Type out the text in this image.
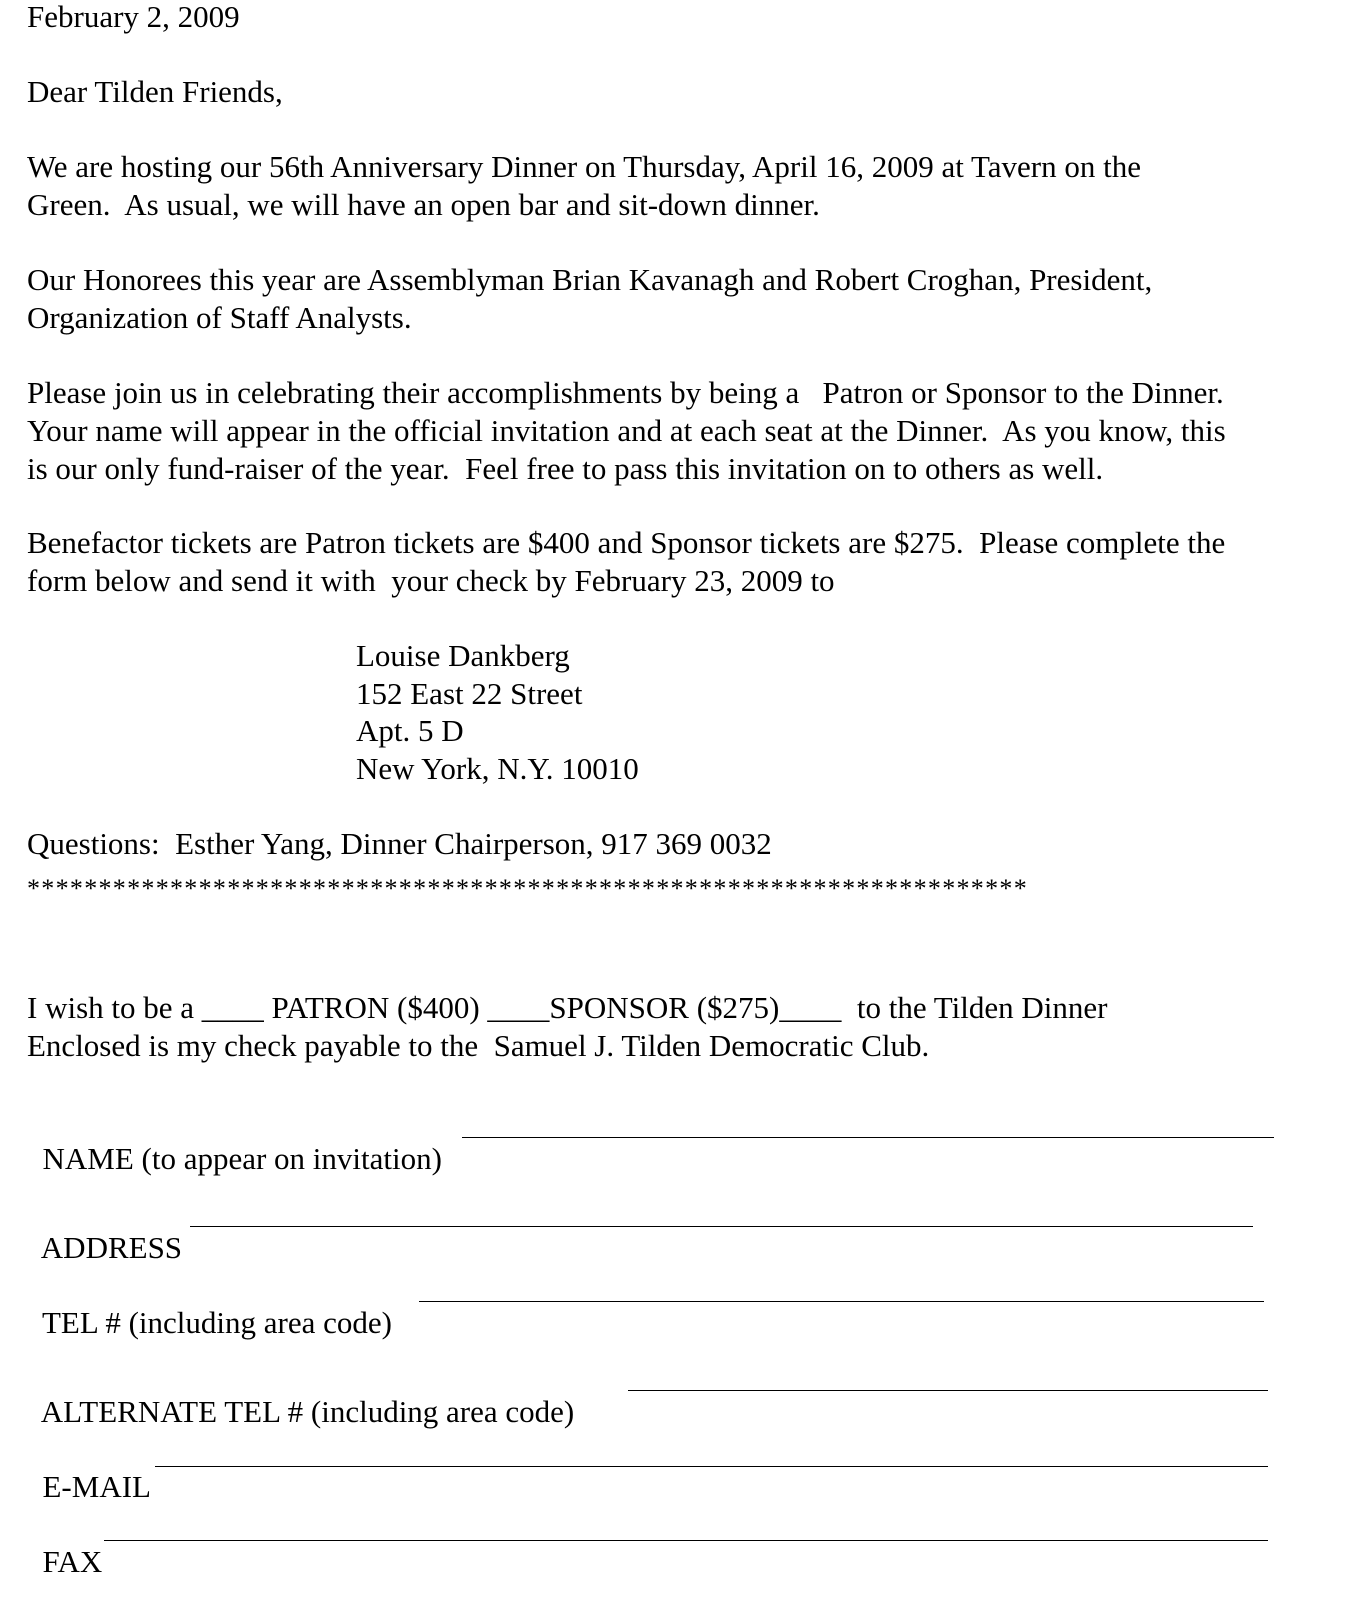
February 2, 2009
Dear Tilden Friends,
We are hosting our 56th Anniversary Dinner on Thursday, April 16, 2009 at Tavern on the
Green.  As usual, we will have an open bar and sit-down dinner.
Our Honorees this year are Assemblyman Brian Kavanagh and Robert Croghan, President,
Organization of Staff Analysts.
Please join us in celebrating their accomplishments by being a   Patron or Sponsor to the Dinner.
Your name will appear in the official invitation and at each seat at the Dinner.  As you know, this
is our only fund-raiser of the year.  Feel free to pass this invitation on to others as well.
Benefactor tickets are Patron tickets are $400 and Sponsor tickets are $275.  Please complete the
form below and send it with  your check by February 23, 2009 to
Louise Dankberg
152 East 22 Street
Apt. 5 D
New York, N.Y. 10010
Questions:  Esther Yang, Dinner Chairperson, 917 369 0032
**********************************************************************
I wish to be a ____ PATRON ($400) ____SPONSOR ($275)____  to the Tilden Dinner
Enclosed is my check payable to the  Samuel J. Tilden Democratic Club.

NAME (to appear on invitation)

ADDRESS

TEL # (including area code)

ALTERNATE TEL # (including area code)

E-MAIL

FAX
